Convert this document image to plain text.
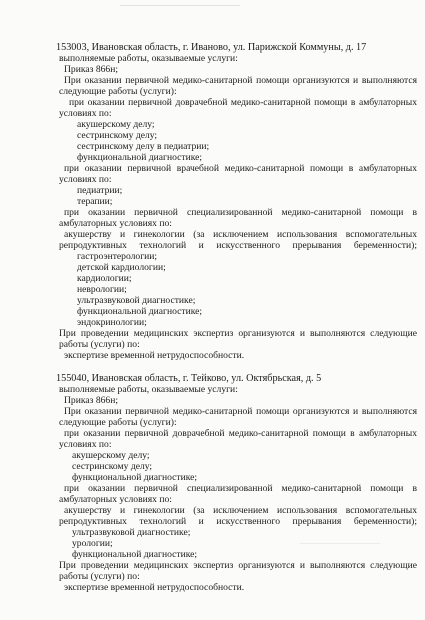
153003, Ивановская область, г. Иваново, ул. Парижской Коммуны, д. 17
выполняемые работы, оказываемые услуги:
Приказ 866н;
При оказании первичной медико-санитарной помощи организуются и выполняются
следующие работы (услуги):
при оказании первичной доврачебной медико-санитарной помощи в амбулаторных
условиях по:
акушерскому делу;
сестринскому делу;
сестринскому делу в педиатрии;
функциональной диагностике;
при оказании первичной врачебной медико-санитарной помощи в амбулаторных
условиях по:
педиатрии;
терапии;
при оказании первичной специализированной медико-санитарной помощи в
амбулаторных условиях по:
акушерству и гинекологии (за исключением использования вспомогательных
репродуктивных технологий и искусственного прерывания беременности);
гастроэнтерологии;
детской кардиологии;
кардиологии;
неврологии;
ультразвуковой диагностике;
функциональной диагностике;
эндокринологии;
При проведении медицинских экспертиз организуются и выполняются следующие
работы (услуги) по:
экспертизе временной нетрудоспособности.
155040, Ивановская область, г. Тейково, ул. Октябрьская, д. 5
выполняемые работы, оказываемые услуги:
Приказ 866н;
При оказании первичной медико-санитарной помощи организуются и выполняются
следующие работы (услуги):
при оказании первичной доврачебной медико-санитарной помощи в амбулаторных
условиях по:
акушерскому делу;
сестринскому делу;
функциональной диагностике;
при оказании первичной специализированной медико-санитарной помощи в
амбулаторных условиях по:
акушерству и гинекологии (за исключением использования вспомогательных
репродуктивных технологий и искусственного прерывания беременности);
ультразвуковой диагностике;
урологии;
функциональной диагностике;
При проведении медицинских экспертиз организуются и выполняются следующие
работы (услуги) по:
экспертизе временной нетрудоспособности.
